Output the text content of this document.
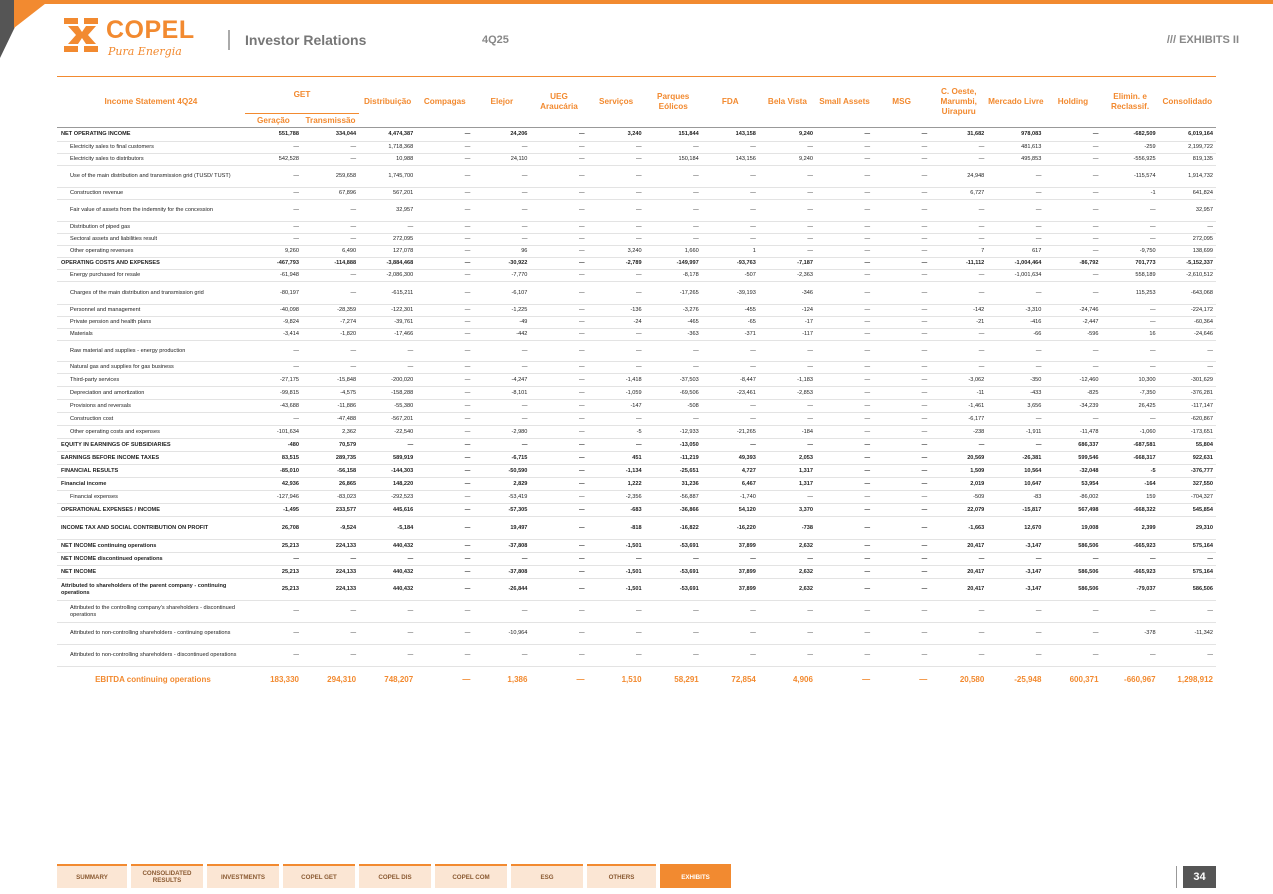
COPEL
Pura Energia
Investor Relations	4Q25	/// EXHIBITS II
Income Statement 4Q24	GET		Distribuição	Compagas	Elejor	UEG Araucária	Serviços	Parques Eólicos	FDA	Bela Vista	Small Assets	MSG	C. Oeste, Marumbi, Uirapuru	Mercado Livre	Holding	Elimin. e Reclassif.	Consolidado
	Geração	Transmissão															
NET OPERATING INCOME	551,788	334,044	4,474,387	—	24,206	—	3,240	151,844	143,158	9,240	—	—	31,682	978,083	—	-682,509	6,019,164
Electricity sales to final customers	—	—	1,718,368	—	—	—	—	—	—	—	—	—	—	481,613	—	-259	2,199,722
Electricity sales to distributors	542,528	—	10,988	—	24,110	—	—	150,184	143,156	9,240	—	—	—	495,853	—	-556,925	819,135
Use of the main distribution and transmission grid (TUSD/ TUST)	—	259,658	1,745,700	—	—	—	—	—	—	—	—	—	24,948	—	—	-115,574	1,914,732
Construction revenue	—	67,896	567,201	—	—	—	—	—	—	—	—	—	6,727	—	—	-1	641,824
Fair value of assets from the indemnity for the concession	—	—	32,957	—	—	—	—	—	—	—	—	—	—	—	—	—	32,957
Distribution of piped gas	—	—	—	—	—	—	—	—	—	—	—	—	—	—	—	—	—
Sectoral assets and liabilities result	—	—	272,095	—	—	—	—	—	—	—	—	—	—	—	—	—	272,095
Other operating revenues	9,260	6,490	127,078	—	96	—	3,240	1,660	1	—	—	—	7	617	—	-9,750	138,699
OPERATING COSTS AND EXPENSES	-467,793	-114,888	-3,884,468	—	-30,922	—	-2,789	-149,997	-93,763	-7,187	—	—	-11,112	-1,004,464	-86,792	701,773	-5,152,337
Energy purchased for resale	-61,948	—	-2,086,300	—	-7,770	—	—	-8,178	-507	-2,363	—	—	—	-1,001,634	—	558,189	-2,610,512
Charges of the main distribution and transmission grid	-80,197	—	-615,211	—	-6,107	—	—	-17,265	-39,193	-346	—	—	—	—	—	115,253	-643,068
Personnel and management	-40,098	-28,359	-122,301	—	-1,225	—	-136	-3,276	-455	-124	—	—	-142	-3,310	-24,746	—	-224,172
Private pension and health plans	-9,824	-7,274	-39,761	—	-49	—	-24	-465	-65	-17	—	—	-21	-416	-2,447	—	-60,364
Materials	-3,414	-1,820	-17,466	—	-442	—	—	-363	-371	-117	—	—	—	-66	-596	16	-24,646
Raw material and supplies - energy production	—	—	—	—	—	—	—	—	—	—	—	—	—	—	—	—	—
Natural gas and supplies for gas business	—	—	—	—	—	—	—	—	—	—	—	—	—	—	—	—	—
Third-party services	-27,175	-15,848	-200,020	—	-4,247	—	-1,418	-37,503	-8,447	-1,183	—	—	-3,062	-350	-12,460	10,300	-301,629
Depreciation and amortization	-99,815	-4,575	-158,288	—	-8,101	—	-1,059	-69,506	-23,461	-2,853	—	—	-11	-433	-825	-7,350	-376,281
Provisions and reversals	-43,688	-11,886	-55,380	—	—	—	-147	-508	—	—	—	—	-1,461	3,656	-34,239	26,425	-117,147
Construction cost	—	-47,488	-567,201	—	—	—	—	—	—	—	—	—	-6,177	—	—	—	-620,867
Other operating costs and expenses	-101,634	2,362	-22,540	—	-2,980	—	-5	-12,933	-21,265	-184	—	—	-238	-1,911	-11,478	-1,060	-173,651
EQUITY IN EARNINGS OF SUBSIDIARIES	-480	70,579	—	—	—	—	—	-13,050	—	—	—	—	—	—	686,337	-687,581	55,804
EARNINGS BEFORE INCOME TAXES	83,515	289,735	589,919	—	-6,715	—	451	-11,219	49,393	2,053	—	—	20,569	-26,381	599,546	-668,317	922,631
FINANCIAL RESULTS	-85,010	-56,158	-144,303	—	-50,590	—	-1,134	-25,651	4,727	1,317	—	—	1,509	10,564	-32,048	-5	-376,777
Financial income	42,936	26,865	148,220	—	2,829	—	1,222	31,236	6,467	1,317	—	—	2,019	10,647	53,954	-164	327,550
Financial expenses	-127,946	-83,023	-292,523	—	-53,419	—	-2,356	-56,887	-1,740	—	—	—	-509	-83	-86,002	159	-704,327
OPERATIONAL EXPENSES / INCOME	-1,495	233,577	445,616	—	-57,305	—	-683	-36,866	54,120	3,370	—	—	22,079	-15,817	567,498	-668,322	545,854
INCOME TAX AND SOCIAL CONTRIBUTION ON PROFIT	26,708	-9,524	-5,184	—	19,497	—	-818	-16,822	-16,220	-738	—	—	-1,663	12,670	19,008	2,399	29,310
NET INCOME continuing operations	25,213	224,133	440,432	—	-37,808	—	-1,501	-53,691	37,899	2,632	—	—	20,417	-3,147	586,506	-665,923	575,164
NET INCOME discontinued operations	—	—	—	—	—	—	—	—	—	—	—	—	—	—	—	—	—
NET INCOME	25,213	224,133	440,432	—	-37,808	—	-1,501	-53,691	37,899	2,632	—	—	20,417	-3,147	586,506	-665,923	575,164
Attributed to shareholders of the parent company - continuing operations	25,213	224,133	440,432	—	-26,844	—	-1,501	-53,691	37,899	2,632	—	—	20,417	-3,147	586,506	-79,037	586,506
Attributed to the controlling company's shareholders - discontinued operations	—	—	—	—	—	—	—	—	—	—	—	—	—	—	—	—	—
Attributed to non-controlling shareholders - continuing operations	—	—	—	—	-10,964	—	—	—	—	—	—	—	—	—	—	-378	-11,342
Attributed to non-controlling shareholders - discontinued operations	—	—	—	—	—	—	—	—	—	—	—	—	—	—	—	—	—
EBITDA continuing operations	183,330	294,310	748,207	—	1,386	—	1,510	58,291	72,854	4,906	—	—	20,580	-25,948	600,371	-660,967	1,298,912
SUMMARY	CONSOLIDATED RESULTS	INVESTMENTS	COPEL GET	COPEL DIS	COPEL COM	ESG	OTHERS	EXHIBITS	34
